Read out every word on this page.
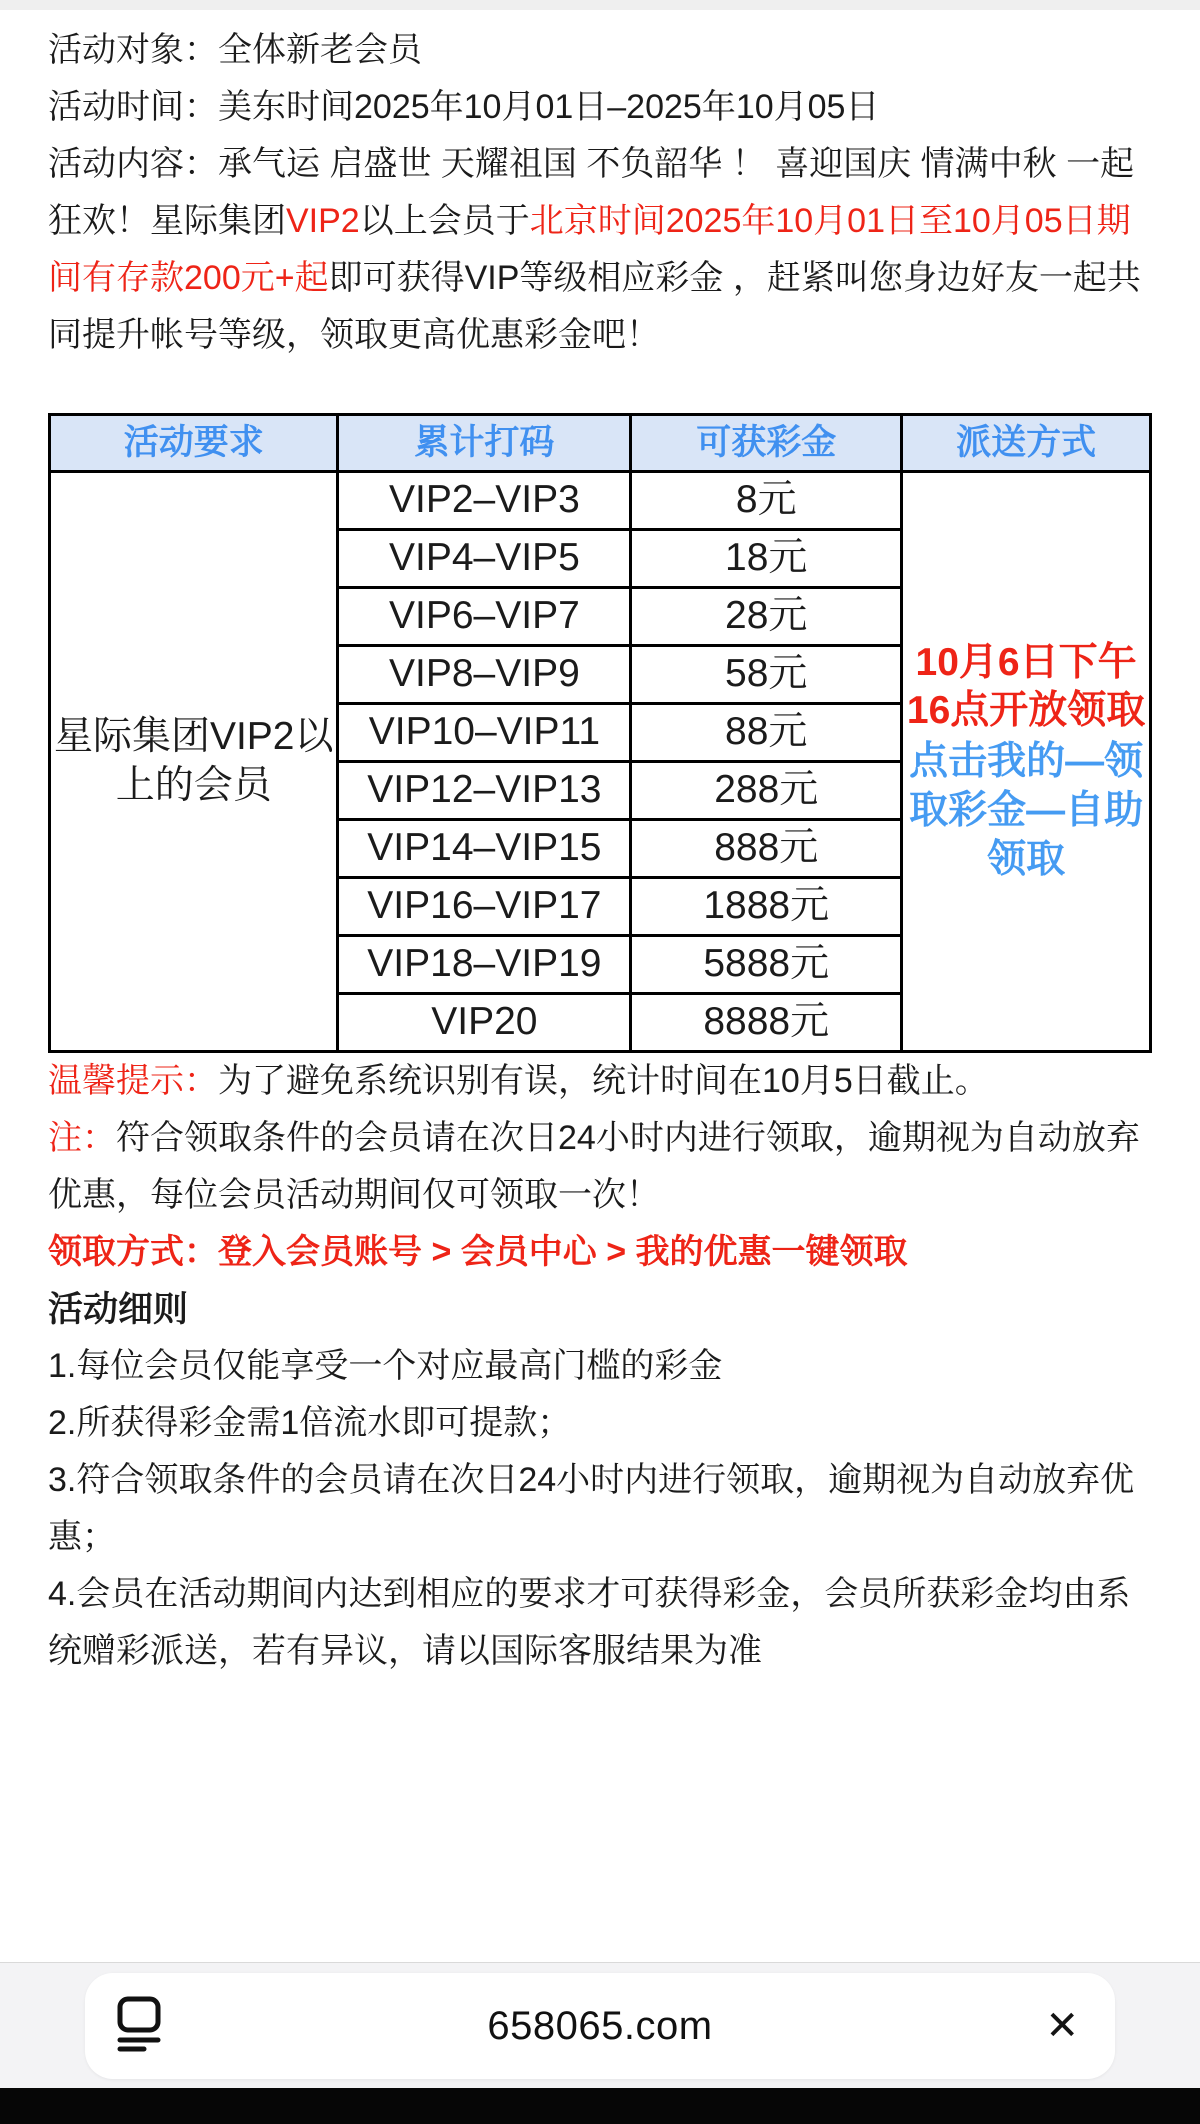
活动对象：全体新老会员

活动时间：美东时间2025年10月01日–2025年10月05日

活动内容：承气运 启盛世 天耀祖国 不负韶华 ！ 喜迎国庆 情满中秋 一起狂欢！星际集团VIP2以上会员于北京时间2025年10月01日至10月05日期间有存款200元+起即可获得VIP等级相应彩金 ，赶紧叫您身边好友一起共同提升帐号等级，领取更高优惠彩金吧！

活动要求	累计打码	可获彩金	派送方式
星际集团VIP2以上的会员	VIP2–VIP3	8元	10月6日下午16点开放领取
点击我的—领取彩金—自助领取

	VIP4–VIP5	18元	
	VIP6–VIP7	28元	
	VIP8–VIP9	58元	
	VIP10–VIP11	88元	
	VIP12–VIP13	288元	
	VIP14–VIP15	888元	
	VIP16–VIP17	1888元	
	VIP18–VIP19	5888元	
	VIP20	8888元	

温馨提示：为了避免系统识别有误，统计时间在10月5日截止。

注：符合领取条件的会员请在次日24小时内进行领取，逾期视为自动放弃优惠，每位会员活动期间仅可领取一次！

领取方式：登入会员账号 > 会员中心 > 我的优惠一键领取

活动细则

1.每位会员仅能享受一个对应最高门槛的彩金
2.所获得彩金需1倍流水即可提款；
3.符合领取条件的会员请在次日24小时内进行领取，逾期视为自动放弃优惠；
4.会员在活动期间内达到相应的要求才可获得彩金，会员所获彩金均由系统赠彩派送，若有异议，请以国际客服结果为准
658065.com	✕
